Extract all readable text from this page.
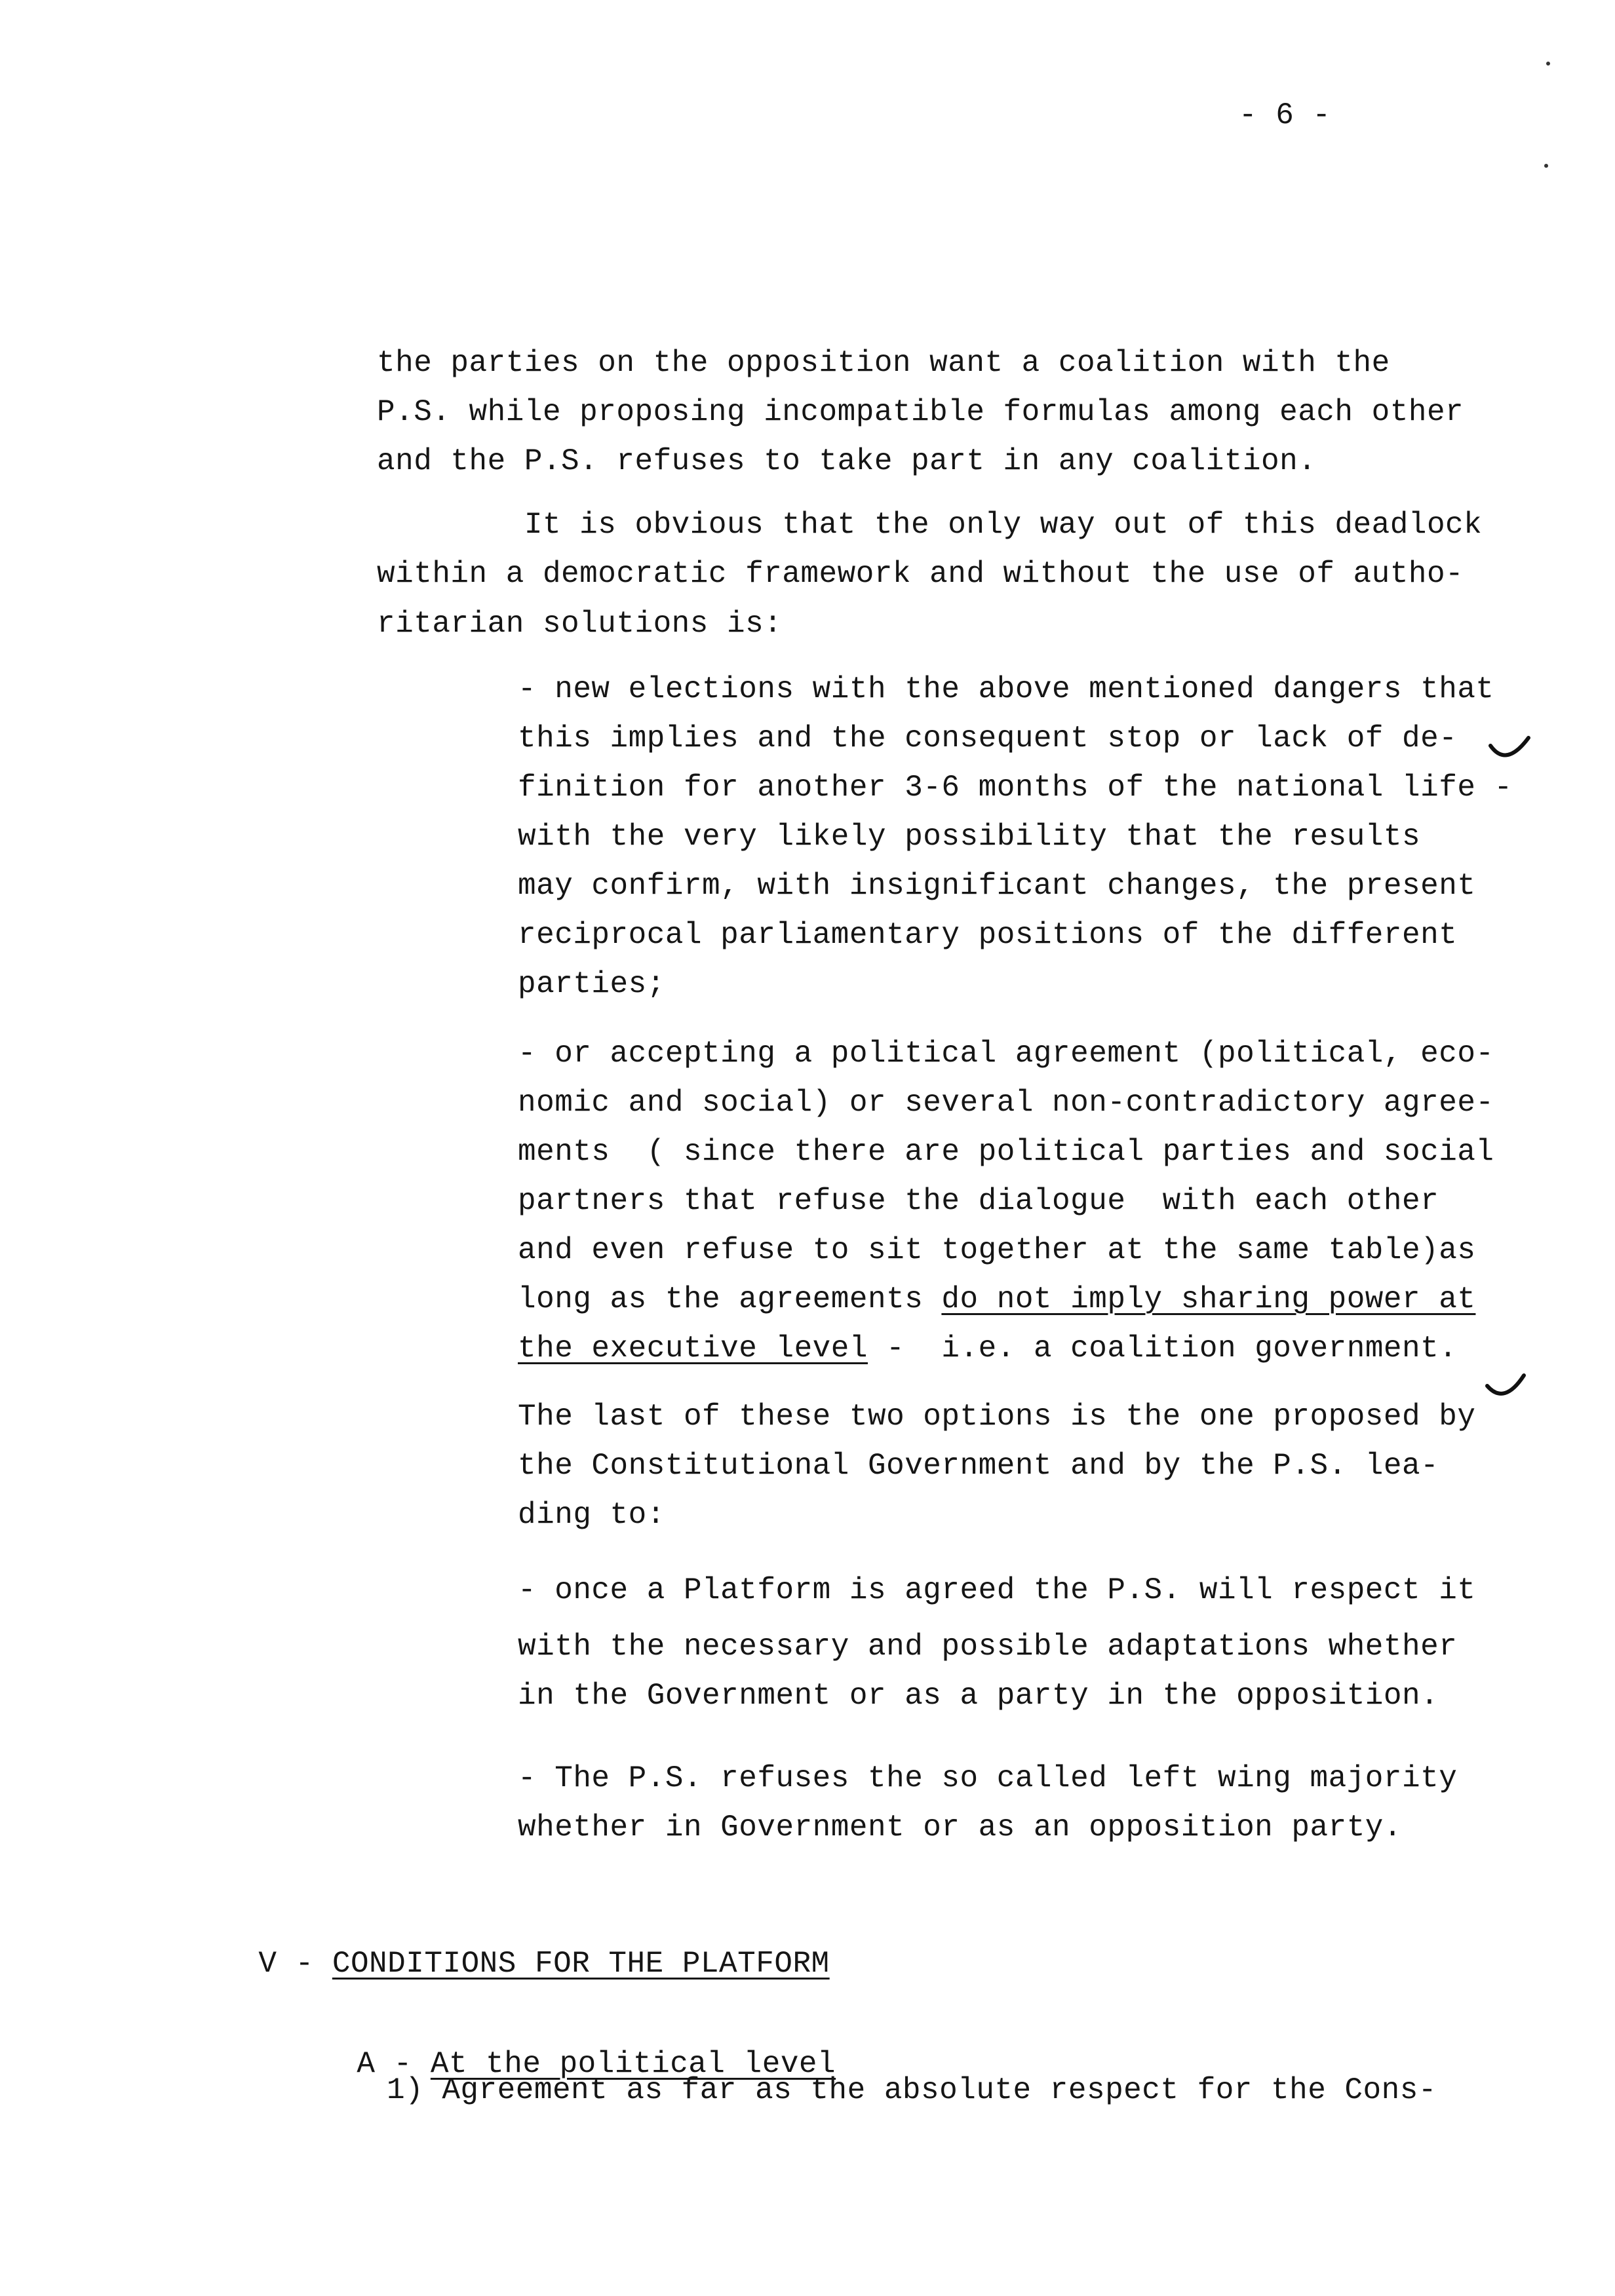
- 6 -
the parties on the opposition want a coalition with the
P.S. while proposing incompatible formulas among each other
and the P.S. refuses to take part in any coalition.
It is obvious that the only way out of this deadlock
within a democratic framework and without the use of autho-
ritarian solutions is:
- new elections with the above mentioned dangers that
this implies and the consequent stop or lack of de-
finition for another 3-6 months of the national life -
with the very likely possibility that the results
may confirm, with insignificant changes, the present
reciprocal parliamentary positions of the different
parties;
- or accepting a political agreement (political, eco-
nomic and social) or several non-contradictory agree-
ments  ( since there are political parties and social
partners that refuse the dialogue  with each other
and even refuse to sit together at the same table)as
long as the agreements do not imply sharing power at
the executive level -  i.e. a coalition government.
The last of these two options is the one proposed by
the Constitutional Government and by the P.S. lea-
ding to:
- once a Platform is agreed the P.S. will respect it
with the necessary and possible adaptations whether
in the Government or as a party in the opposition.
- The P.S. refuses the so called left wing majority
whether in Government or as an opposition party.

V - CONDITIONS FOR THE PLATFORM

A - At the political level

1) Agreement as far as the absolute respect for the Cons-
